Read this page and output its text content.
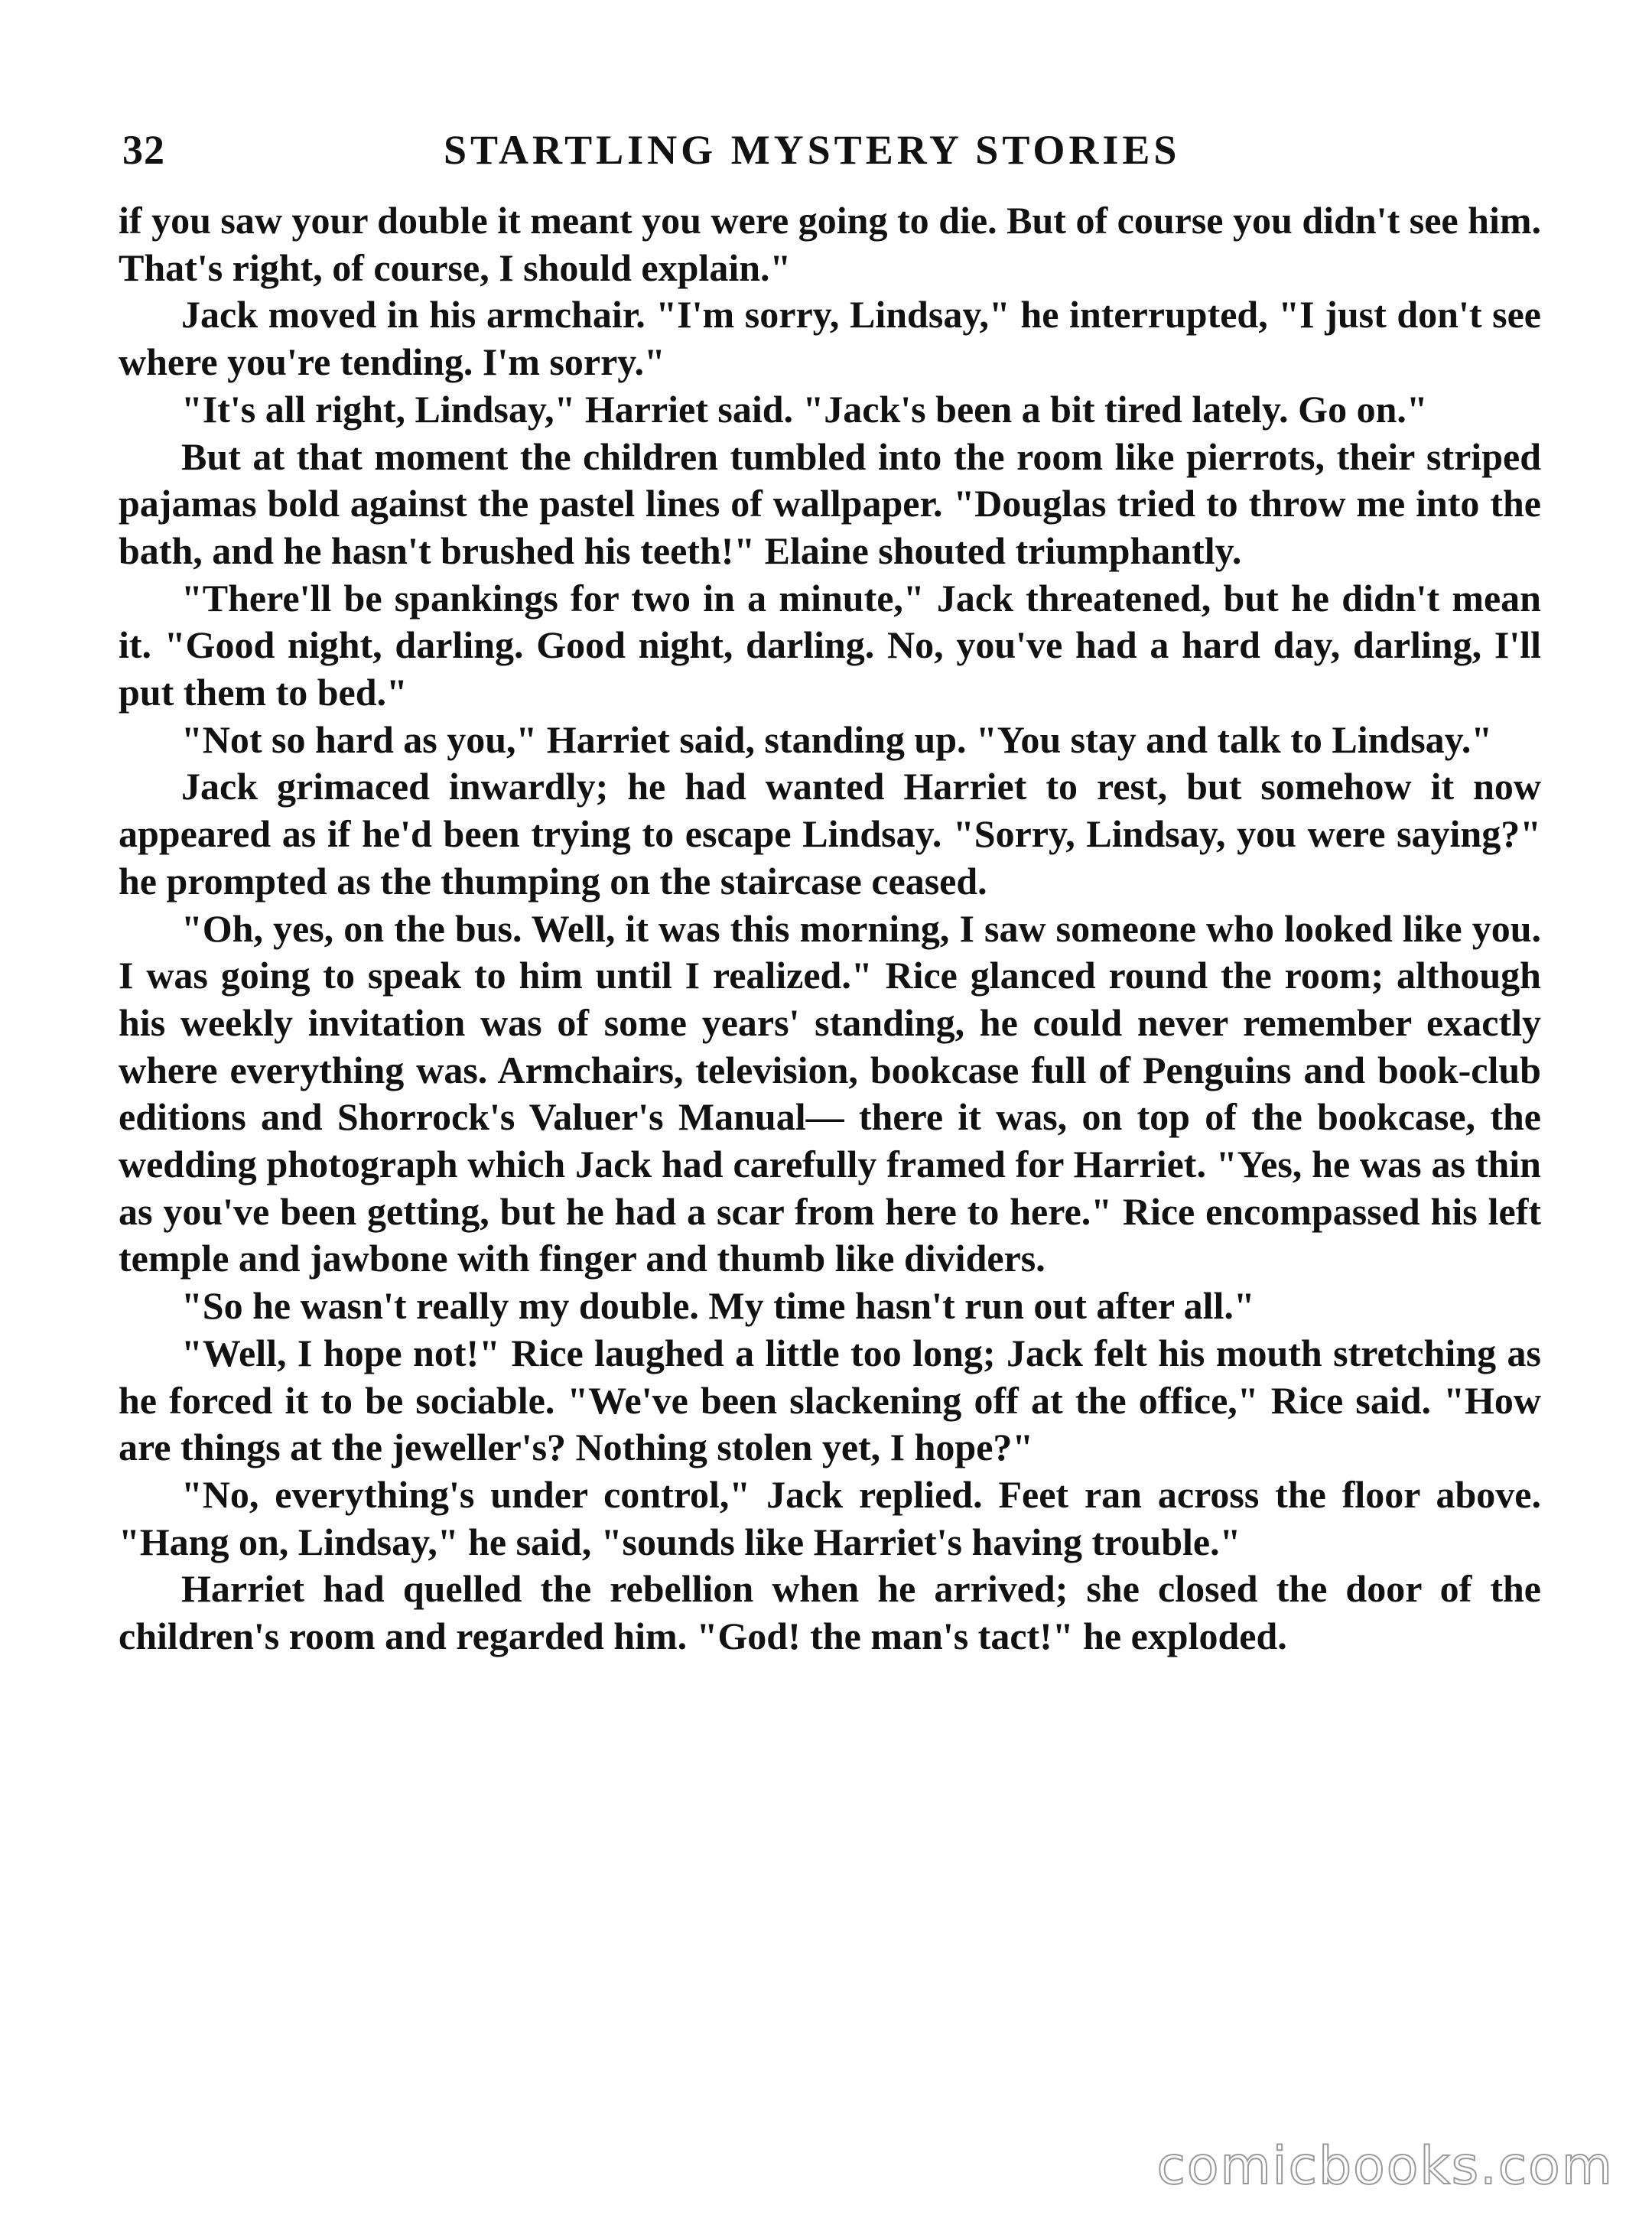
32	STARTLING MYSTERY STORIES

if you saw your double it meant you were going to die. But of course you didn't see him. That's right, of course, I should explain."

Jack moved in his armchair. "I'm sorry, Lindsay," he interrupted, "I just don't see where you're tending. I'm sorry."

"It's all right, Lindsay," Harriet said. "Jack's been a bit tired lately. Go on."

But at that moment the children tumbled into the room like pierrots, their striped pajamas bold against the pastel lines of wallpaper. "Douglas tried to throw me into the bath, and he hasn't brushed his teeth!" Elaine shouted triumphantly.

"There'll be spankings for two in a minute," Jack threatened, but he didn't mean it. "Good night, darling. Good night, darling. No, you've had a hard day, darling, I'll put them to bed."

"Not so hard as you," Harriet said, standing up. "You stay and talk to Lindsay."

Jack grimaced inwardly; he had wanted Harriet to rest, but somehow it now appeared as if he'd been trying to escape Lindsay. "Sorry, Lindsay, you were saying?" he prompted as the thumping on the staircase ceased.

"Oh, yes, on the bus. Well, it was this morning, I saw someone who looked like you. I was going to speak to him until I realized." Rice glanced round the room; although his weekly invitation was of some years' standing, he could never remember exactly where everything was. Armchairs, television, bookcase full of Penguins and book-club editions and Shorrock's Valuer's Manual— there it was, on top of the bookcase, the wedding photograph which Jack had carefully framed for Harriet. "Yes, he was as thin as you've been getting, but he had a scar from here to here." Rice encompassed his left temple and jawbone with finger and thumb like dividers.

"So he wasn't really my double. My time hasn't run out after all."

"Well, I hope not!" Rice laughed a little too long; Jack felt his mouth stretching as he forced it to be sociable. "We've been slackening off at the office," Rice said. "How are things at the jeweller's? Nothing stolen yet, I hope?"

"No, everything's under control," Jack replied. Feet ran across the floor above. "Hang on, Lindsay," he said, "sounds like Harriet's having trouble."

Harriet had quelled the rebellion when he arrived; she closed the door of the children's room and regarded him. "God! the man's tact!" he exploded.

comicbooks.com
